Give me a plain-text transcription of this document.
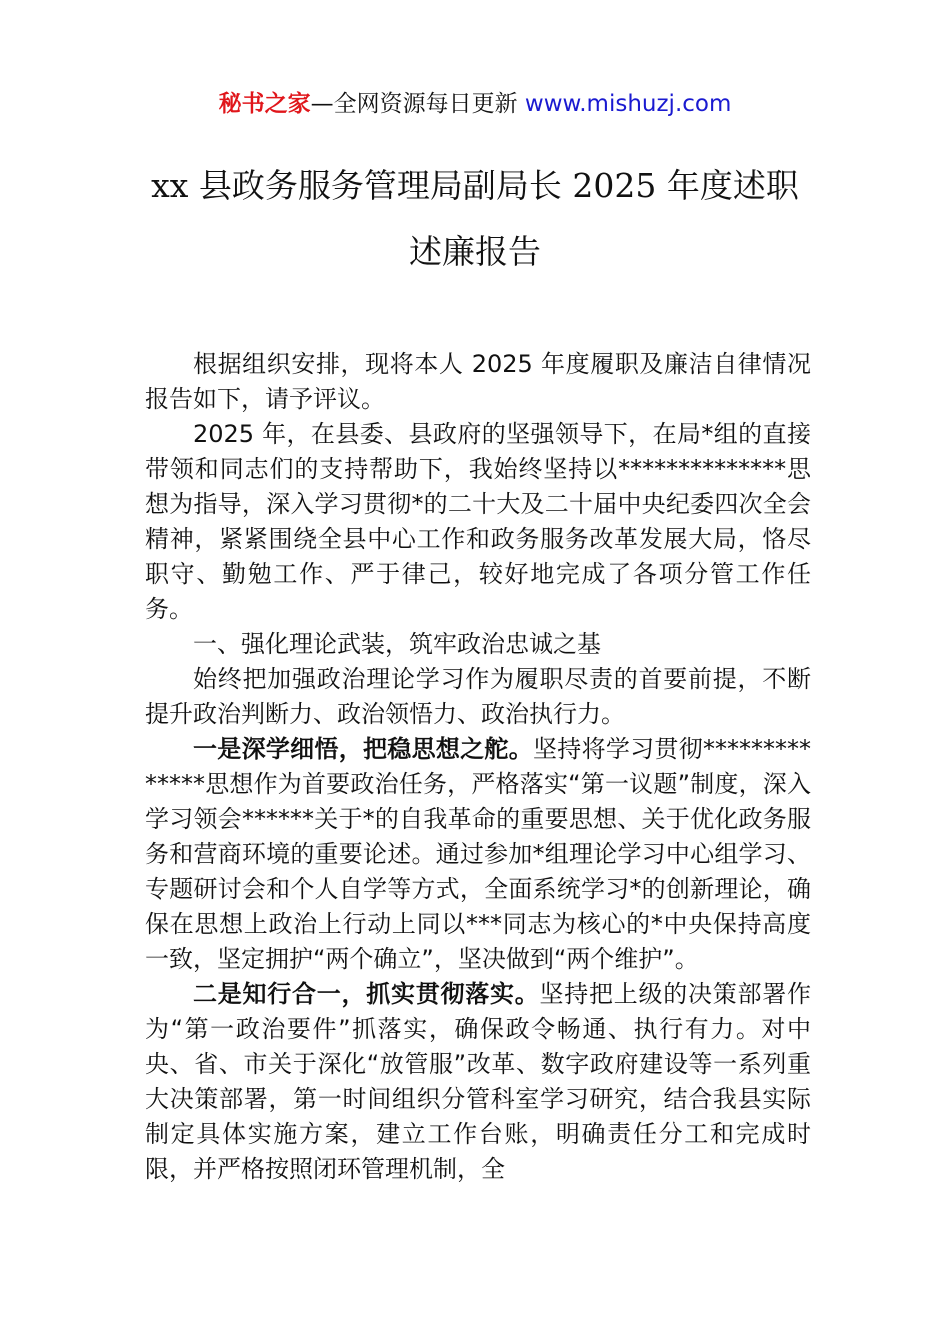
秘书之家—全网资源每日更新 www.mishuzj.com
xx 县政务服务管理局副局长 2025 年度述职
述廉报告

根据组织安排，现将本人 2025 年度履职及廉洁自律情况报告如下，请予评议。

2025 年，在县委、县政府的坚强领导下，在局*组的直接带领和同志们的支持帮助下，我始终坚持以**************思想为指导，深入学习贯彻*的二十大及二十届中央纪委四次全会精神，紧紧围绕全县中心工作和政务服务改革发展大局，恪尽职守、勤勉工作、严于律己，较好地完成了各项分管工作任务。

一、强化理论武装，筑牢政治忠诚之基

始终把加强政治理论学习作为履职尽责的首要前提，不断提升政治判断力、政治领悟力、政治执行力。

一是深学细悟，把稳思想之舵。坚持将学习贯彻**************思想作为首要政治任务，严格落实“第一议题”制度，深入学习领会******关于*的自我革命的重要思想、关于优化政务服务和营商环境的重要论述。通过参加*组理论学习中心组学习、专题研讨会和个人自学等方式，全面系统学习*的创新理论，确保在思想上政治上行动上同以***同志为核心的*中央保持高度一致，坚定拥护“两个确立”，坚决做到“两个维护”。

二是知行合一，抓实贯彻落实。坚持把上级的决策部署作为“第一政治要件”抓落实，确保政令畅通、执行有力。对中央、省、市关于深化“放管服”改革、数字政府建设等一系列重大决策部署，第一时间组织分管科室学习研究，结合我县实际制定具体实施方案，建立工作台账，明确责任分工和完成时限，并严格按照闭环管理机制，全
